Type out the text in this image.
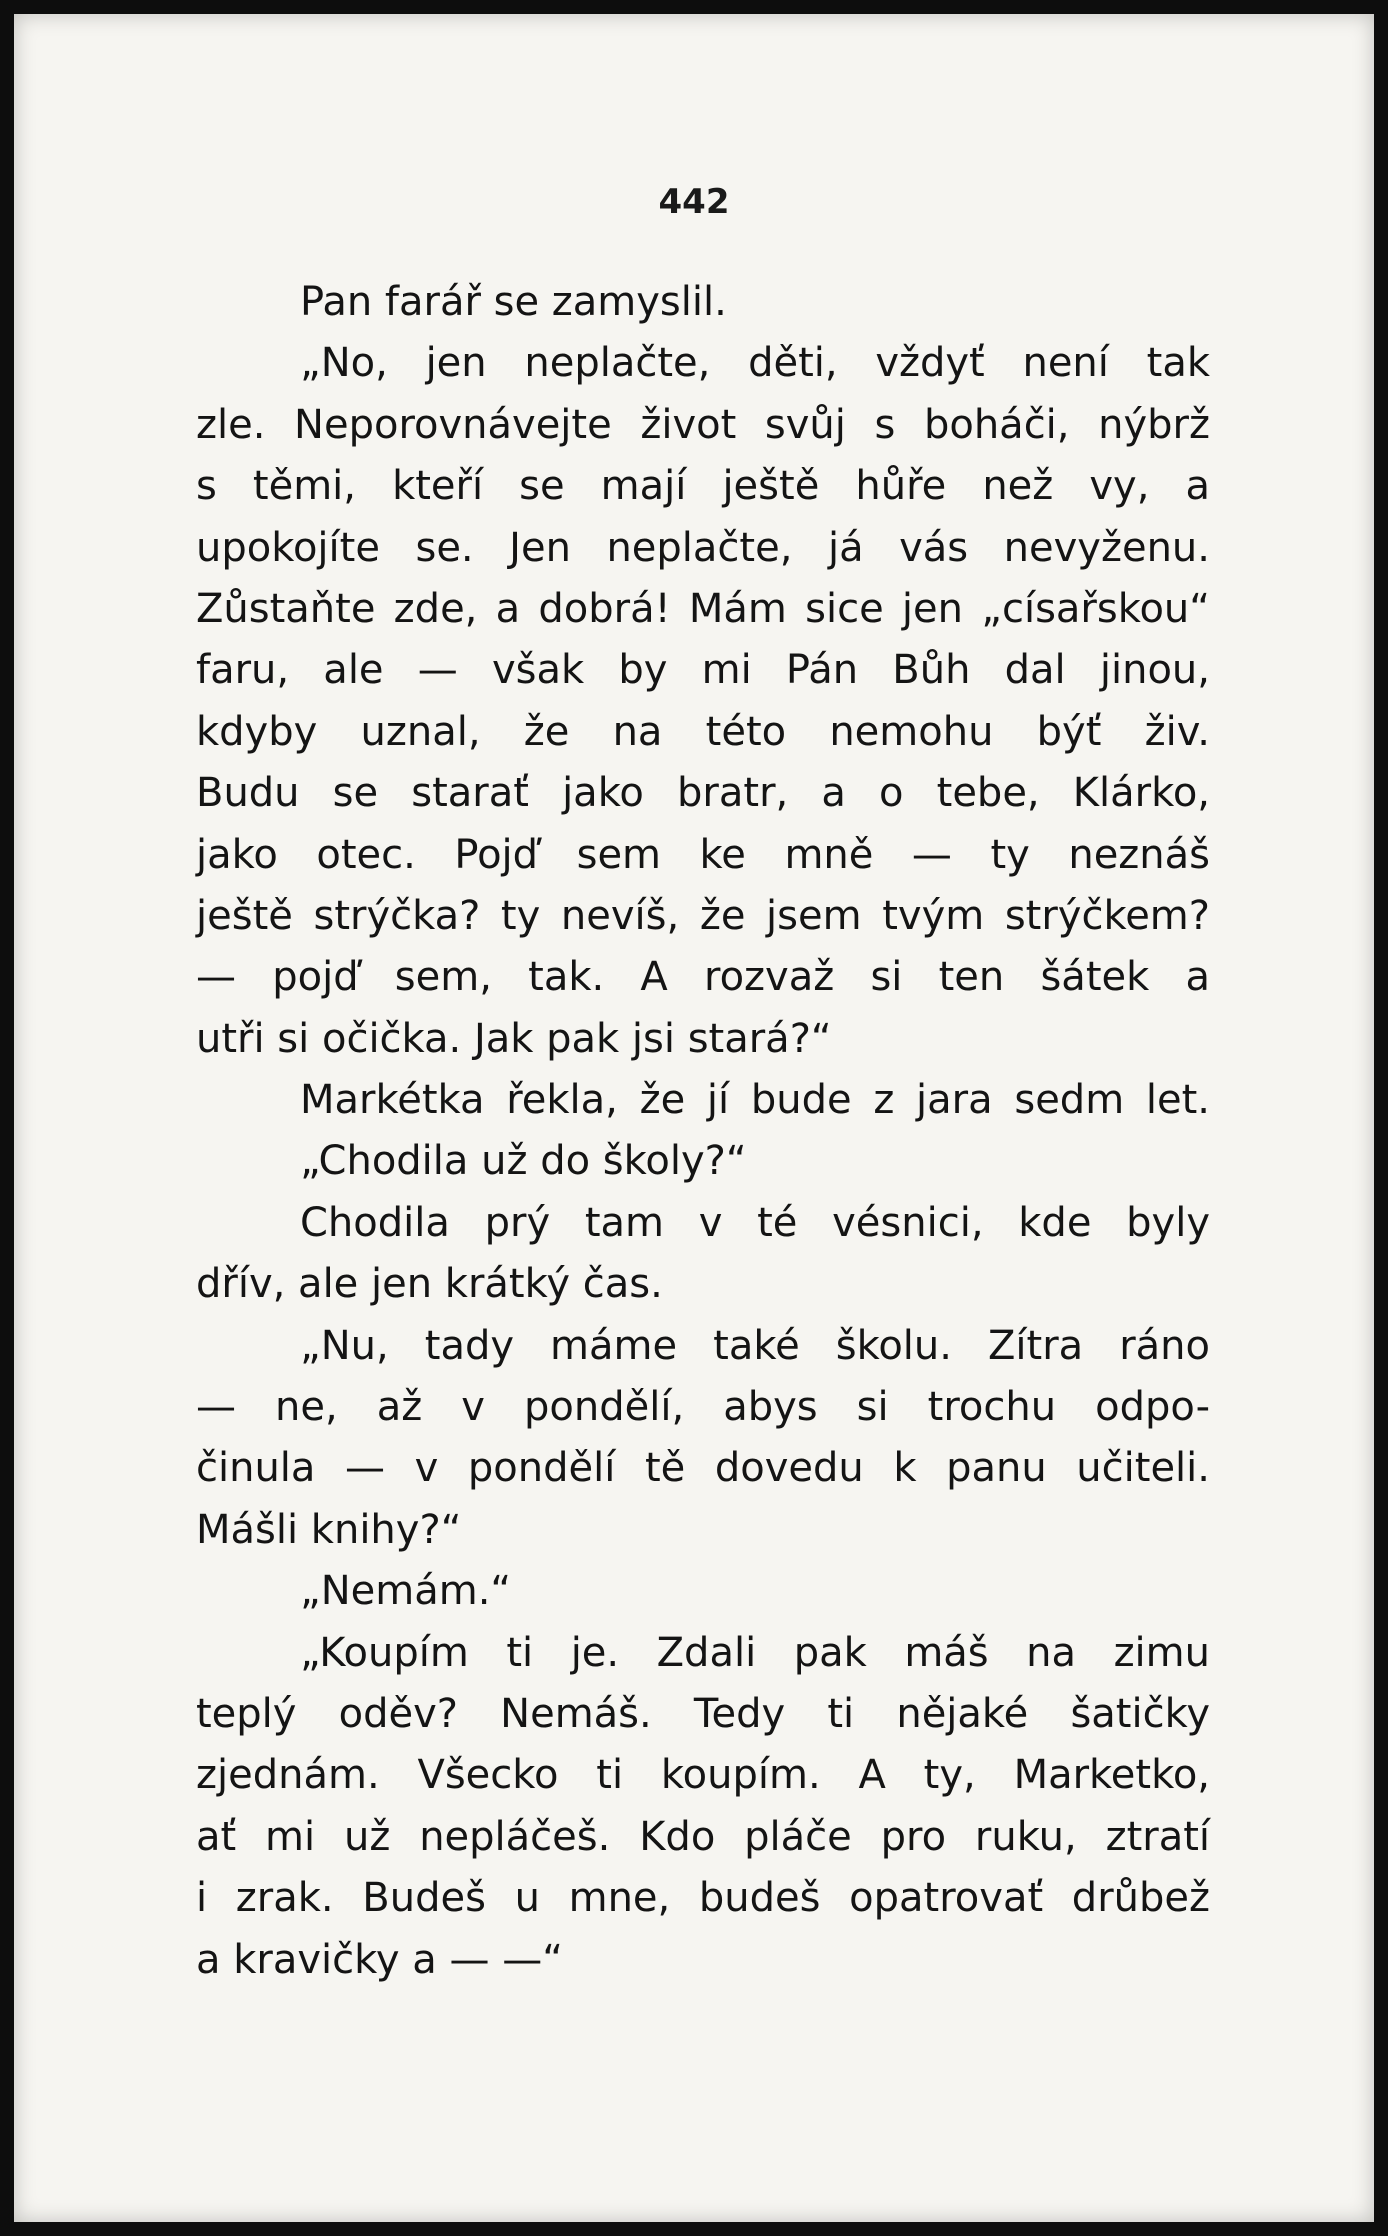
442
Pan farář se zamyslil.
„No, jen neplačte, děti, vždyť není tak
zle. Neporovnávejte život svůj s boháči, nýbrž
s těmi, kteří se mají ještě hůře než vy, a
upokojíte se. Jen neplačte, já vás nevyženu.
Zůstaňte zde, a dobrá! Mám sice jen „císařskou“
faru, ale — však by mi Pán Bůh dal jinou,
kdyby uznal, že na této nemohu býť živ.
Budu se starať jako bratr, a o tebe, Klárko,
jako otec. Pojď sem ke mně — ty neznáš
ještě strýčka? ty nevíš, že jsem tvým strýčkem?
— pojď sem, tak. A rozvaž si ten šátek a
utři si očička. Jak pak jsi stará?“
Markétka řekla, že jí bude z jara sedm let.
„Chodila už do školy?“
Chodila prý tam v té vésnici, kde byly
dřív, ale jen krátký čas.
„Nu, tady máme také školu. Zítra ráno
— ne, až v pondělí, abys si trochu odpo-
činula — v pondělí tě dovedu k panu učiteli.
Mášli knihy?“
„Nemám.“
„Koupím ti je. Zdali pak máš na zimu
teplý oděv? Nemáš. Tedy ti nějaké šatičky
zjednám. Všecko ti koupím. A ty, Marketko,
ať mi už nepláčeš. Kdo pláče pro ruku, ztratí
i zrak. Budeš u mne, budeš opatrovať drůbež
a kravičky a — —“
